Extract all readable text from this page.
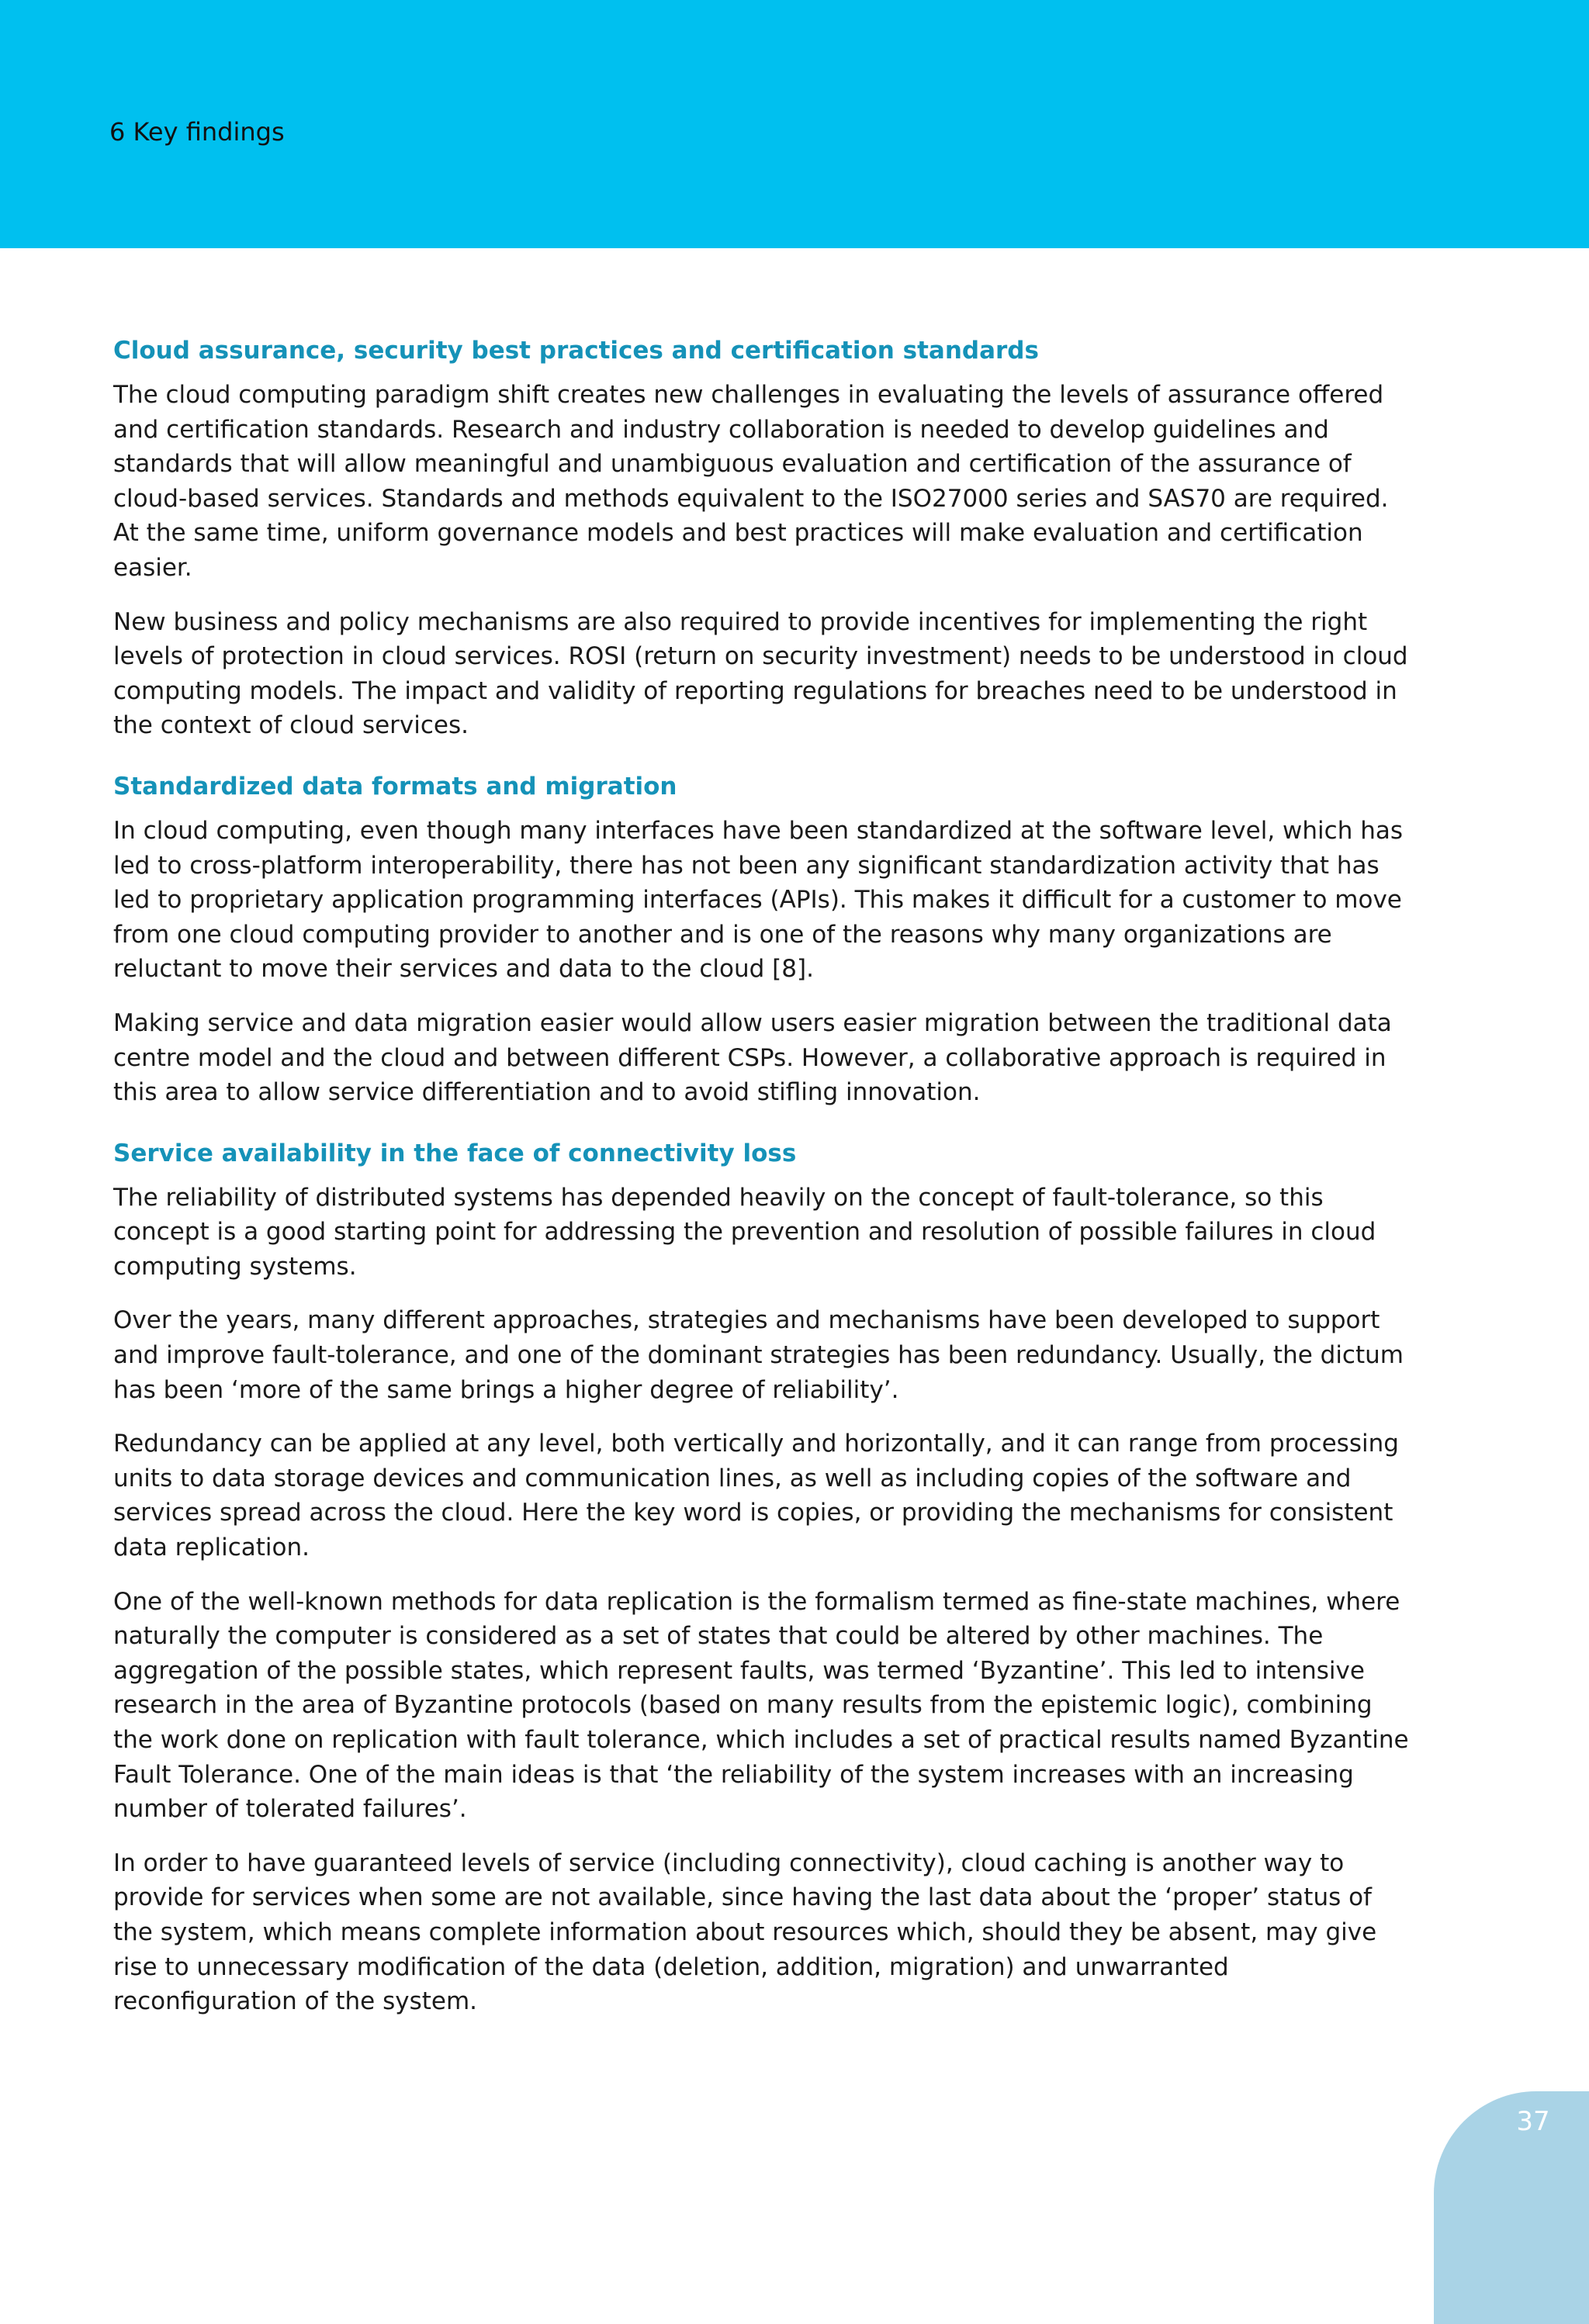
6 Key findings
Cloud assurance, security best practices and certification standards

The cloud computing paradigm shift creates new challenges in evaluating the levels of assurance offered and certification standards. Research and industry collaboration is needed to develop guidelines and standards that will allow meaningful and unambiguous evaluation and certification of the assurance of cloud-based services. Standards and methods equivalent to the ISO27000 series and SAS70 are required. At the same time, uniform governance models and best practices will make evaluation and certification easier.

New business and policy mechanisms are also required to provide incentives for implementing the right levels of protection in cloud services. ROSI (return on security investment) needs to be understood in cloud computing models. The impact and validity of reporting regulations for breaches need to be understood in the context of cloud services.

Standardized data formats and migration

In cloud computing, even though many interfaces have been standardized at the software level, which has led to cross-platform interoperability, there has not been any significant standardization activity that has led to proprietary application programming interfaces (APIs). This makes it difficult for a customer to move from one cloud computing provider to another and is one of the reasons why many organizations are reluctant to move their services and data to the cloud [8].

Making service and data migration easier would allow users easier migration between the traditional data centre model and the cloud and between different CSPs. However, a collaborative approach is required in this area to allow service differentiation and to avoid stifling innovation.

Service availability in the face of connectivity loss

The reliability of distributed systems has depended heavily on the concept of fault-tolerance, so this concept is a good starting point for addressing the prevention and resolution of possible failures in cloud computing systems.

Over the years, many different approaches, strategies and mechanisms have been developed to support and improve fault-tolerance, and one of the dominant strategies has been redundancy. Usually, the dictum has been ‘more of the same brings a higher degree of reliability’.

Redundancy can be applied at any level, both vertically and horizontally, and it can range from processing units to data storage devices and communication lines, as well as including copies of the software and services spread across the cloud. Here the key word is copies, or providing the mechanisms for consistent data replication.

One of the well-known methods for data replication is the formalism termed as fine-state machines, where naturally the computer is considered as a set of states that could be altered by other machines. The aggregation of the possible states, which represent faults, was termed ‘Byzantine’. This led to intensive research in the area of Byzantine protocols (based on many results from the epistemic logic), combining the work done on replication with fault tolerance, which includes a set of practical results named Byzantine Fault Tolerance. One of the main ideas is that ‘the reliability of the system increases with an increasing number of tolerated failures’.

In order to have guaranteed levels of service (including connectivity), cloud caching is another way to provide for services when some are not available, since having the last data about the ‘proper’ status of the system, which means complete information about resources which, should they be absent, may give rise to unnecessary modification of the data (deletion, addition, migration) and unwarranted reconfiguration of the system.

37
